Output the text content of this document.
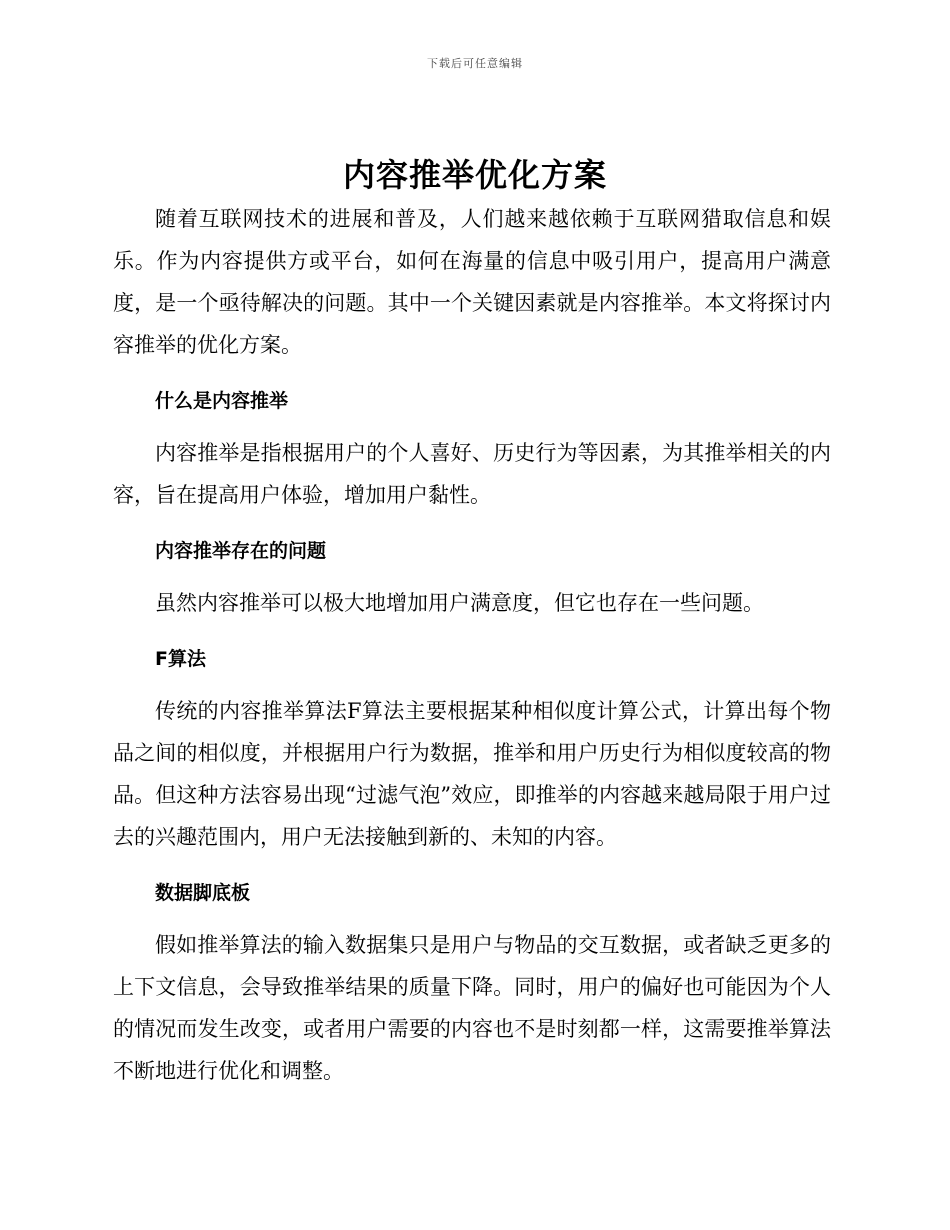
下载后可任意编辑
内容推举优化方案

随着互联网技术的进展和普及，人们越来越依赖于互联网猎取信息和娱乐。作为内容提供方或平台，如何在海量的信息中吸引用户，提高用户满意度，是一个亟待解决的问题。其中一个关键因素就是内容推举。本文将探讨内容推举的优化方案。

什么是内容推举

内容推举是指根据用户的个人喜好、历史行为等因素，为其推举相关的内容，旨在提高用户体验，增加用户黏性。

内容推举存在的问题

虽然内容推举可以极大地增加用户满意度，但它也存在一些问题。

F算法

传统的内容推举算法F算法主要根据某种相似度计算公式，计算出每个物品之间的相似度，并根据用户行为数据，推举和用户历史行为相似度较高的物品。但这种方法容易出现“过滤气泡”效应，即推举的内容越来越局限于用户过去的兴趣范围内，用户无法接触到新的、未知的内容。

数据脚底板

假如推举算法的输入数据集只是用户与物品的交互数据，或者缺乏更多的上下文信息，会导致推举结果的质量下降。同时，用户的偏好也可能因为个人的情况而发生改变，或者用户需要的内容也不是时刻都一样，这需要推举算法不断地进行优化和调整。
